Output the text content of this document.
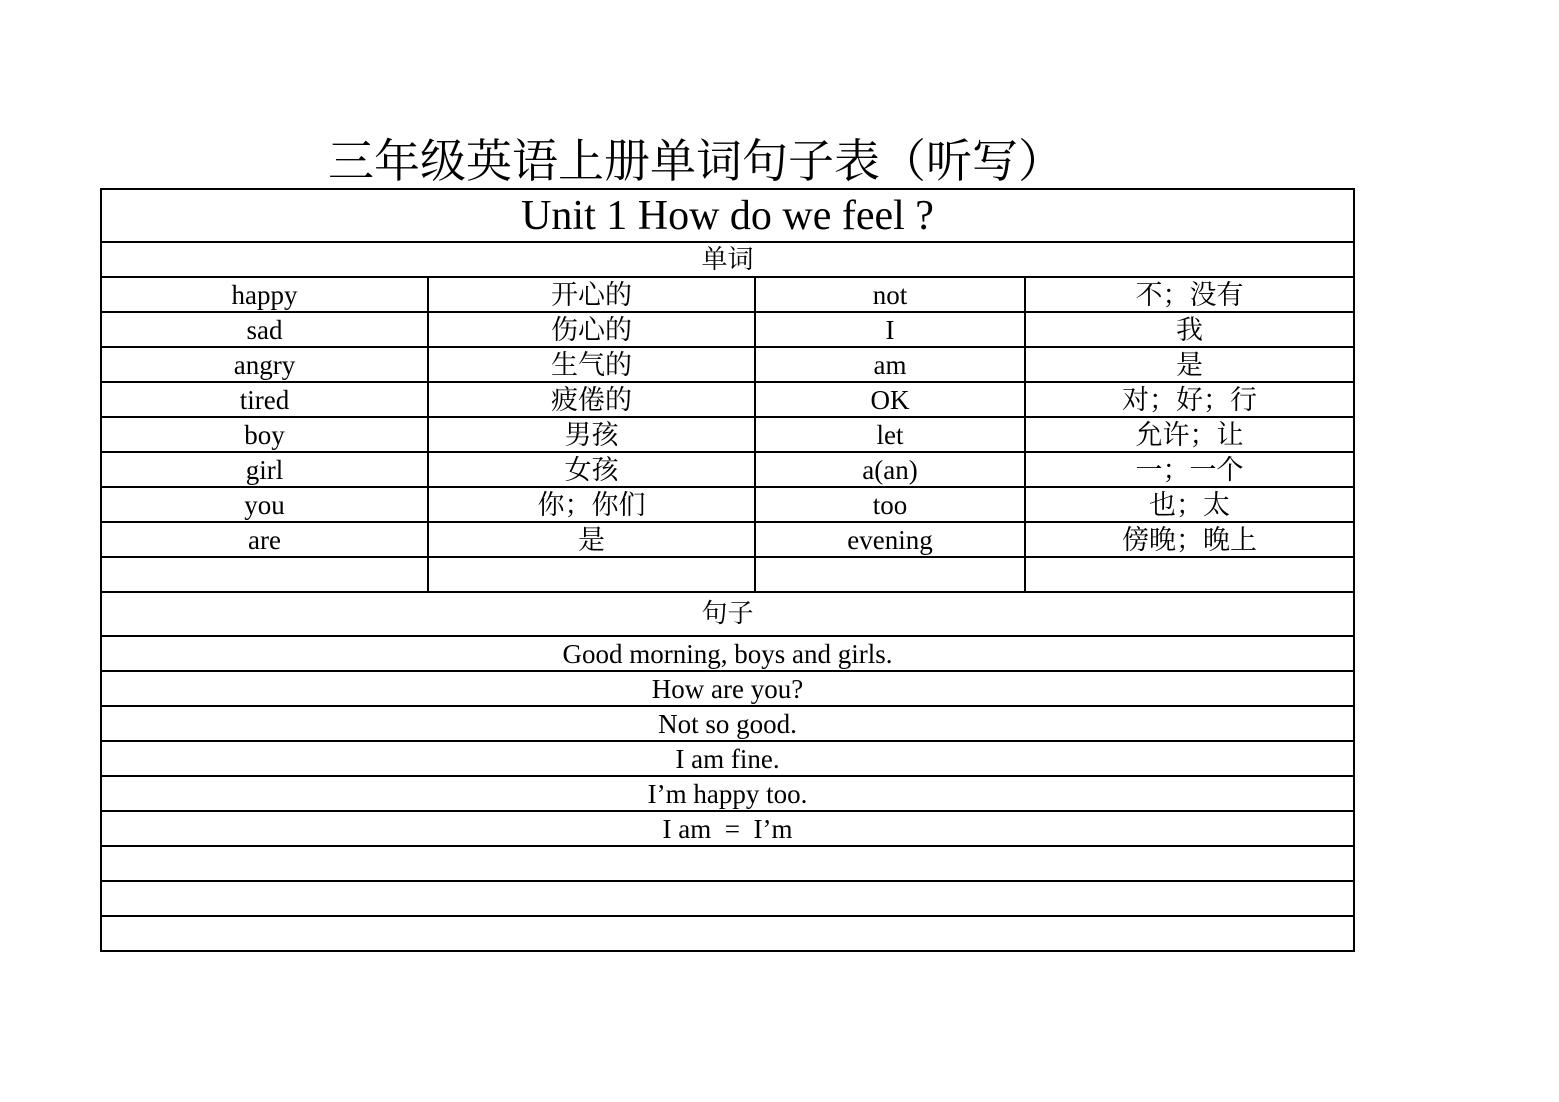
三年级英语上册单词句子表（听写）
Unit 1 How do we feel ?			
单词			
happy	开心的	not	不；没有
sad	伤心的	I	我
angry	生气的	am	是
tired	疲倦的	OK	对；好；行
boy	男孩	let	允许；让
girl	女孩	a(an)	一；一个
you	你；你们	too	也；太
are	是	evening	傍晚；晚上

句子			
Good morning, boys and girls.			
How are you?			
Not so good.			
I am fine.			
I’m happy too.			
I am  =  I’m			
